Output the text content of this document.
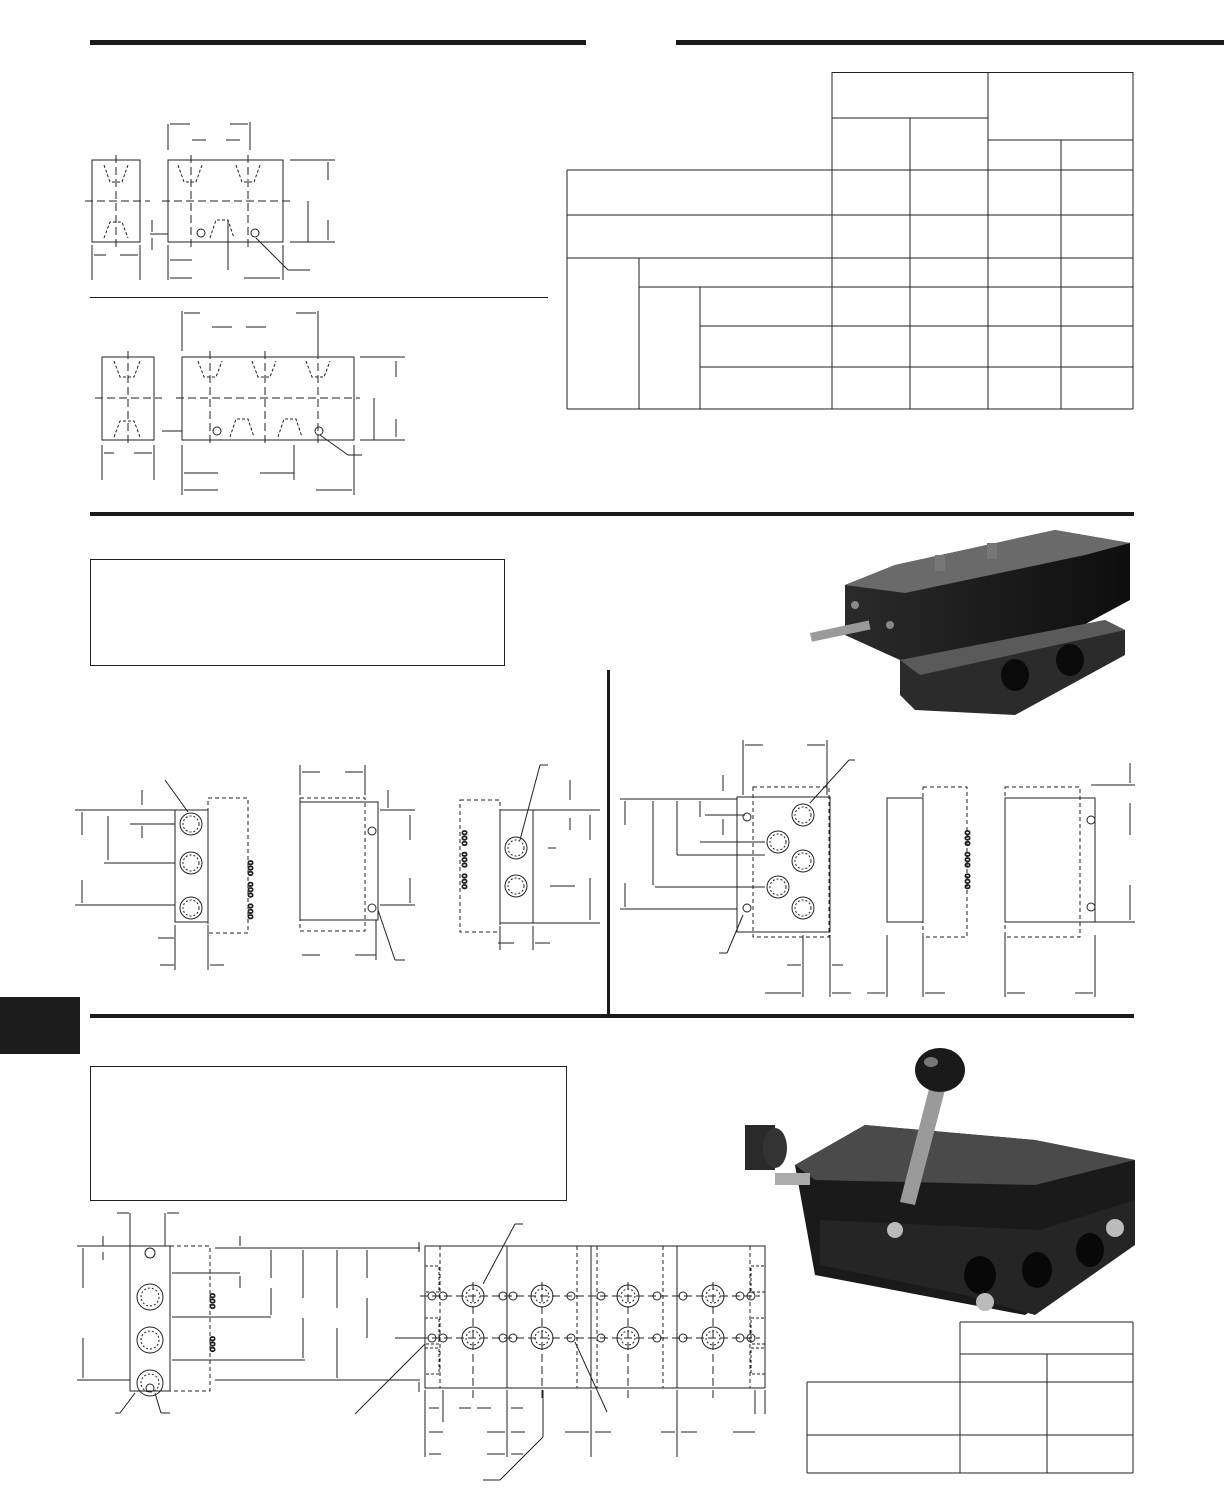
ooo ooo ooo
ooo ooo ooo	ooo ooo ooo
ooo
ooo
